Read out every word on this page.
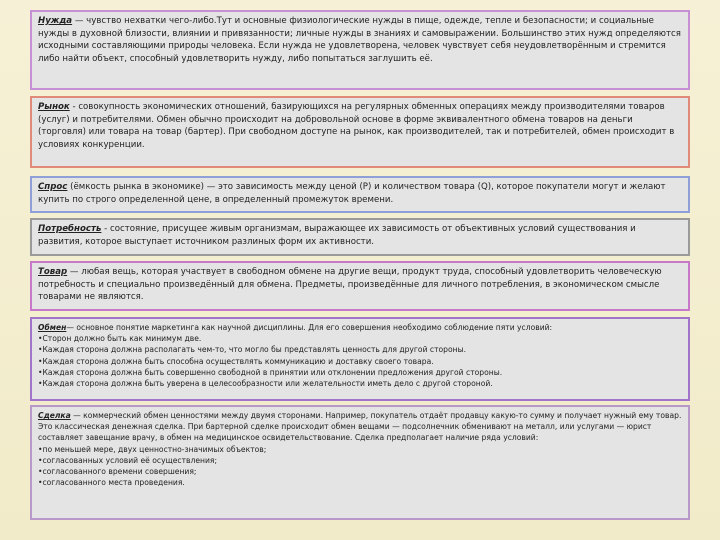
Нужда — чувство нехватки чего-либо.Тут и основные физиологические нужды в пище, одежде, тепле и безопасности; и социальные нужды в духовной близости, влиянии и привязанности; личные нужды в знаниях и самовыражении. Большинство этих нужд определяются исходными составляющими природы человека. Если нужда не удовлетворена, человек чувствует себя неудовлетворённым и стремится либо найти объект, способный удовлетворить нужду, либо попытаться заглушить её.
Рынок - совокупность экономических отношений, базирующихся на регулярных обменных операциях между производителями товаров (услуг) и потребителями. Обмен обычно происходит на добровольной основе в форме эквивалентного обмена товаров на деньги (торговля) или товара на товар (бартер). При свободном доступе на рынок, как производителей, так и потребителей, обмен происходит в условиях конкуренции.
Спрос (ёмкость рынка в экономике) — это зависимость между ценой (P) и количеством товара (Q), которое покупатели могут и желают купить по строго определенной цене, в определенный промежуток времени.
Потребность - состояние, присущее живым организмам, выражающее их зависимость от объективных условий существования и развития, которое выступает источником разлиных форм их активности.
Товар — любая вещь, которая участвует в свободном обмене на другие вещи, продукт труда, способный удовлетворить человеческую потребность и специально произведённый для обмена. Предметы, произведённые для личного потребления, в экономическом смысле товарами не являются.
Обмен— основное понятие маркетинга как научной дисциплины. Для его совершения необходимо соблюдение пяти условий:
•Сторон должно быть как минимум две.
•Каждая сторона должна располагать чем-то, что могло бы представлять ценность для другой стороны.
•Каждая сторона должна быть способна осуществлять коммуникацию и доставку своего товара.
•Каждая сторона должна быть совершенно свободной в принятии или отклонении предложения другой стороны.
•Каждая сторона должна быть уверена в целесообразности или желательности иметь дело с другой стороной.
Сделка — коммерческий обмен ценностями между двумя сторонами. Например, покупатель отдаёт продавцу какую-то сумму и получает нужный ему товар. Это классическая денежная сделка. При бартерной сделке происходит обмен вещами — подсолнечник обменивают на металл, или услугами — юрист составляет завещание врачу, в обмен на медицинское освидетельствование. Сделка предполагает наличие ряда условий:
•по меньшей мере, двух ценностно-значимых объектов;
•согласованных условий её осуществления;
•согласованного времени совершения;
•согласованного места проведения.
